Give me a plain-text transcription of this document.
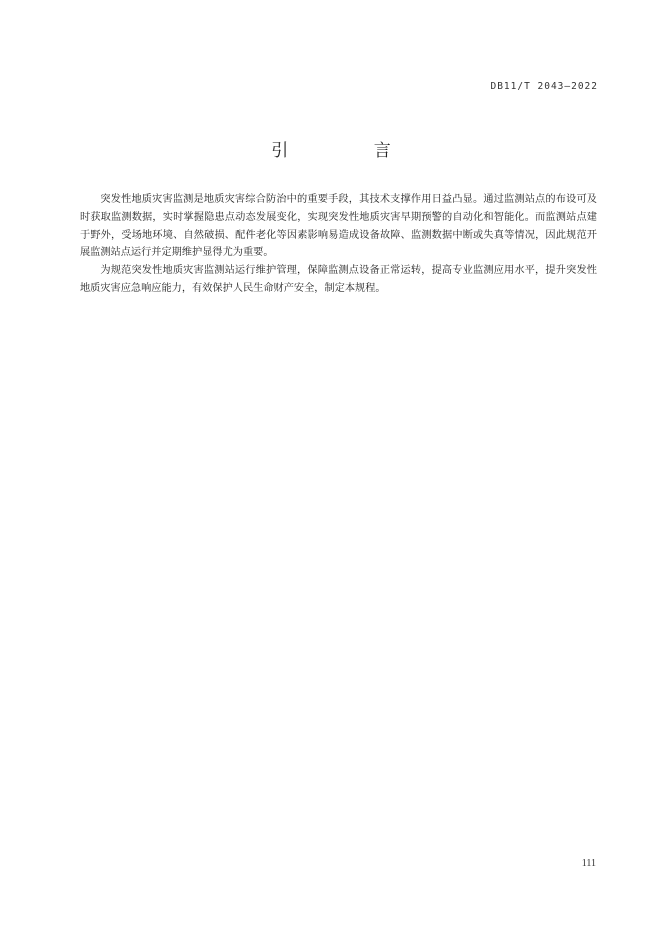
DB11/T 2043—2022
引 言

突发性地质灾害监测是地质灾害综合防治中的重要手段，其技术支撑作用日益凸显。通过监测站点的布设可及时获取监测数据，实时掌握隐患点动态发展变化，实现突发性地质灾害早期预警的自动化和智能化。而监测站点建于野外，受场地环境、自然破损、配件老化等因素影响易造成设备故障、监测数据中断或失真等情况，因此规范开展监测站点运行并定期维护显得尤为重要。

为规范突发性地质灾害监测站运行维护管理，保障监测点设备正常运转，提高专业监测应用水平，提升突发性地质灾害应急响应能力，有效保护人民生命财产安全，制定本规程。

111
